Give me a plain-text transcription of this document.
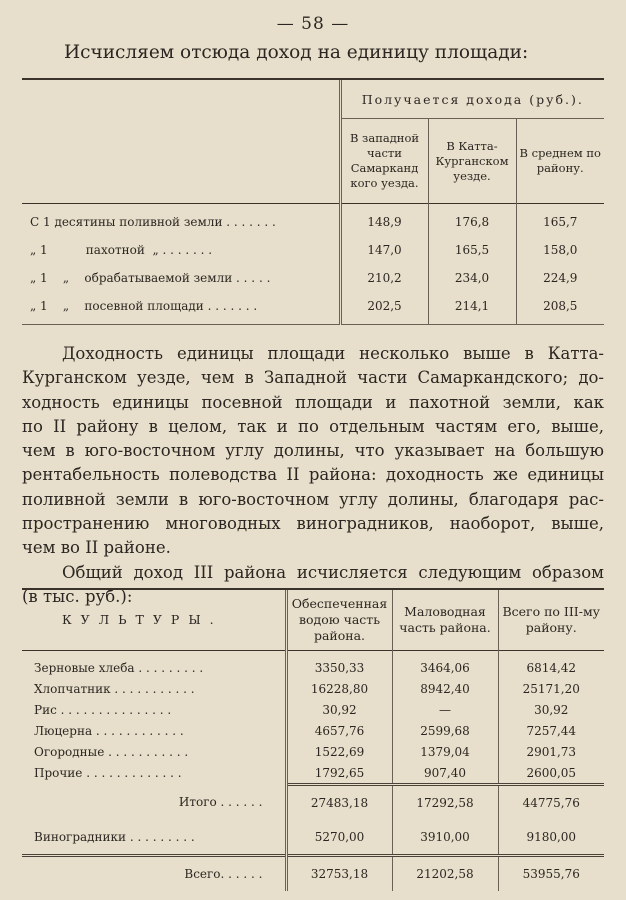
— 58 —
Исчисляем отсюда доход на единицу площади:

	Получается дохода (руб.).		
	В западной части Самарканд кого уезда.	В Катта-Курганском уезде.	В среднем по району.

С 1 десятины поливной земли . . . . . . .	148,9	176,8	165,7
„ 1          пахотной  „ . . . . . . .	147,0	165,5	158,0
„ 1    „    обрабатываемой земли . . . . .	210,2	234,0	224,9
„ 1    „    посевной площади . . . . . . .	202,5	214,1	208,5
Доходность единицы площади несколько выше в Катта-
Курганском уезде, чем в Западной части Самаркандского; до-
ходность единицы посевной площади и пахотной земли, как
по II району в целом, так и по отдельным частям его, выше,
чем в юго-восточном углу долины, что указывает на большую
рентабельность полеводства II района: доходность же единицы
поливной земли в юго-восточном углу долины, благодаря рас-
пространению многоводных виноградников, наоборот, выше,
чем во II районе.
Общий доход III района исчисляется следующим образом
(в тыс. руб.):

КУЛЬТУРЫ.	Обеспеченная водою часть района.	Маловодная часть района.	Всего по III-му району.

Зерновые хлеба . . . . . . . . .	3350,33	3464,06	6814,42
Хлопчатник . . . . . . . . . . .	16228,80	8942,40	25171,20
Рис . . . . . . . . . . . . . . .	30,92	—	30,92
Люцерна . . . . . . . . . . . .	4657,76	2599,68	7257,44
Огородные . . . . . . . . . . .	1522,69	1379,04	2901,73
Прочие . . . . . . . . . . . . .	1792,65	907,40	2600,05
Итого . . . . . .	27483,18	17292,58	44775,76
Виноградники . . . . . . . . .	5270,00	3910,00	9180,00
Всего. . . . . .	32753,18	21202,58	53955,76
